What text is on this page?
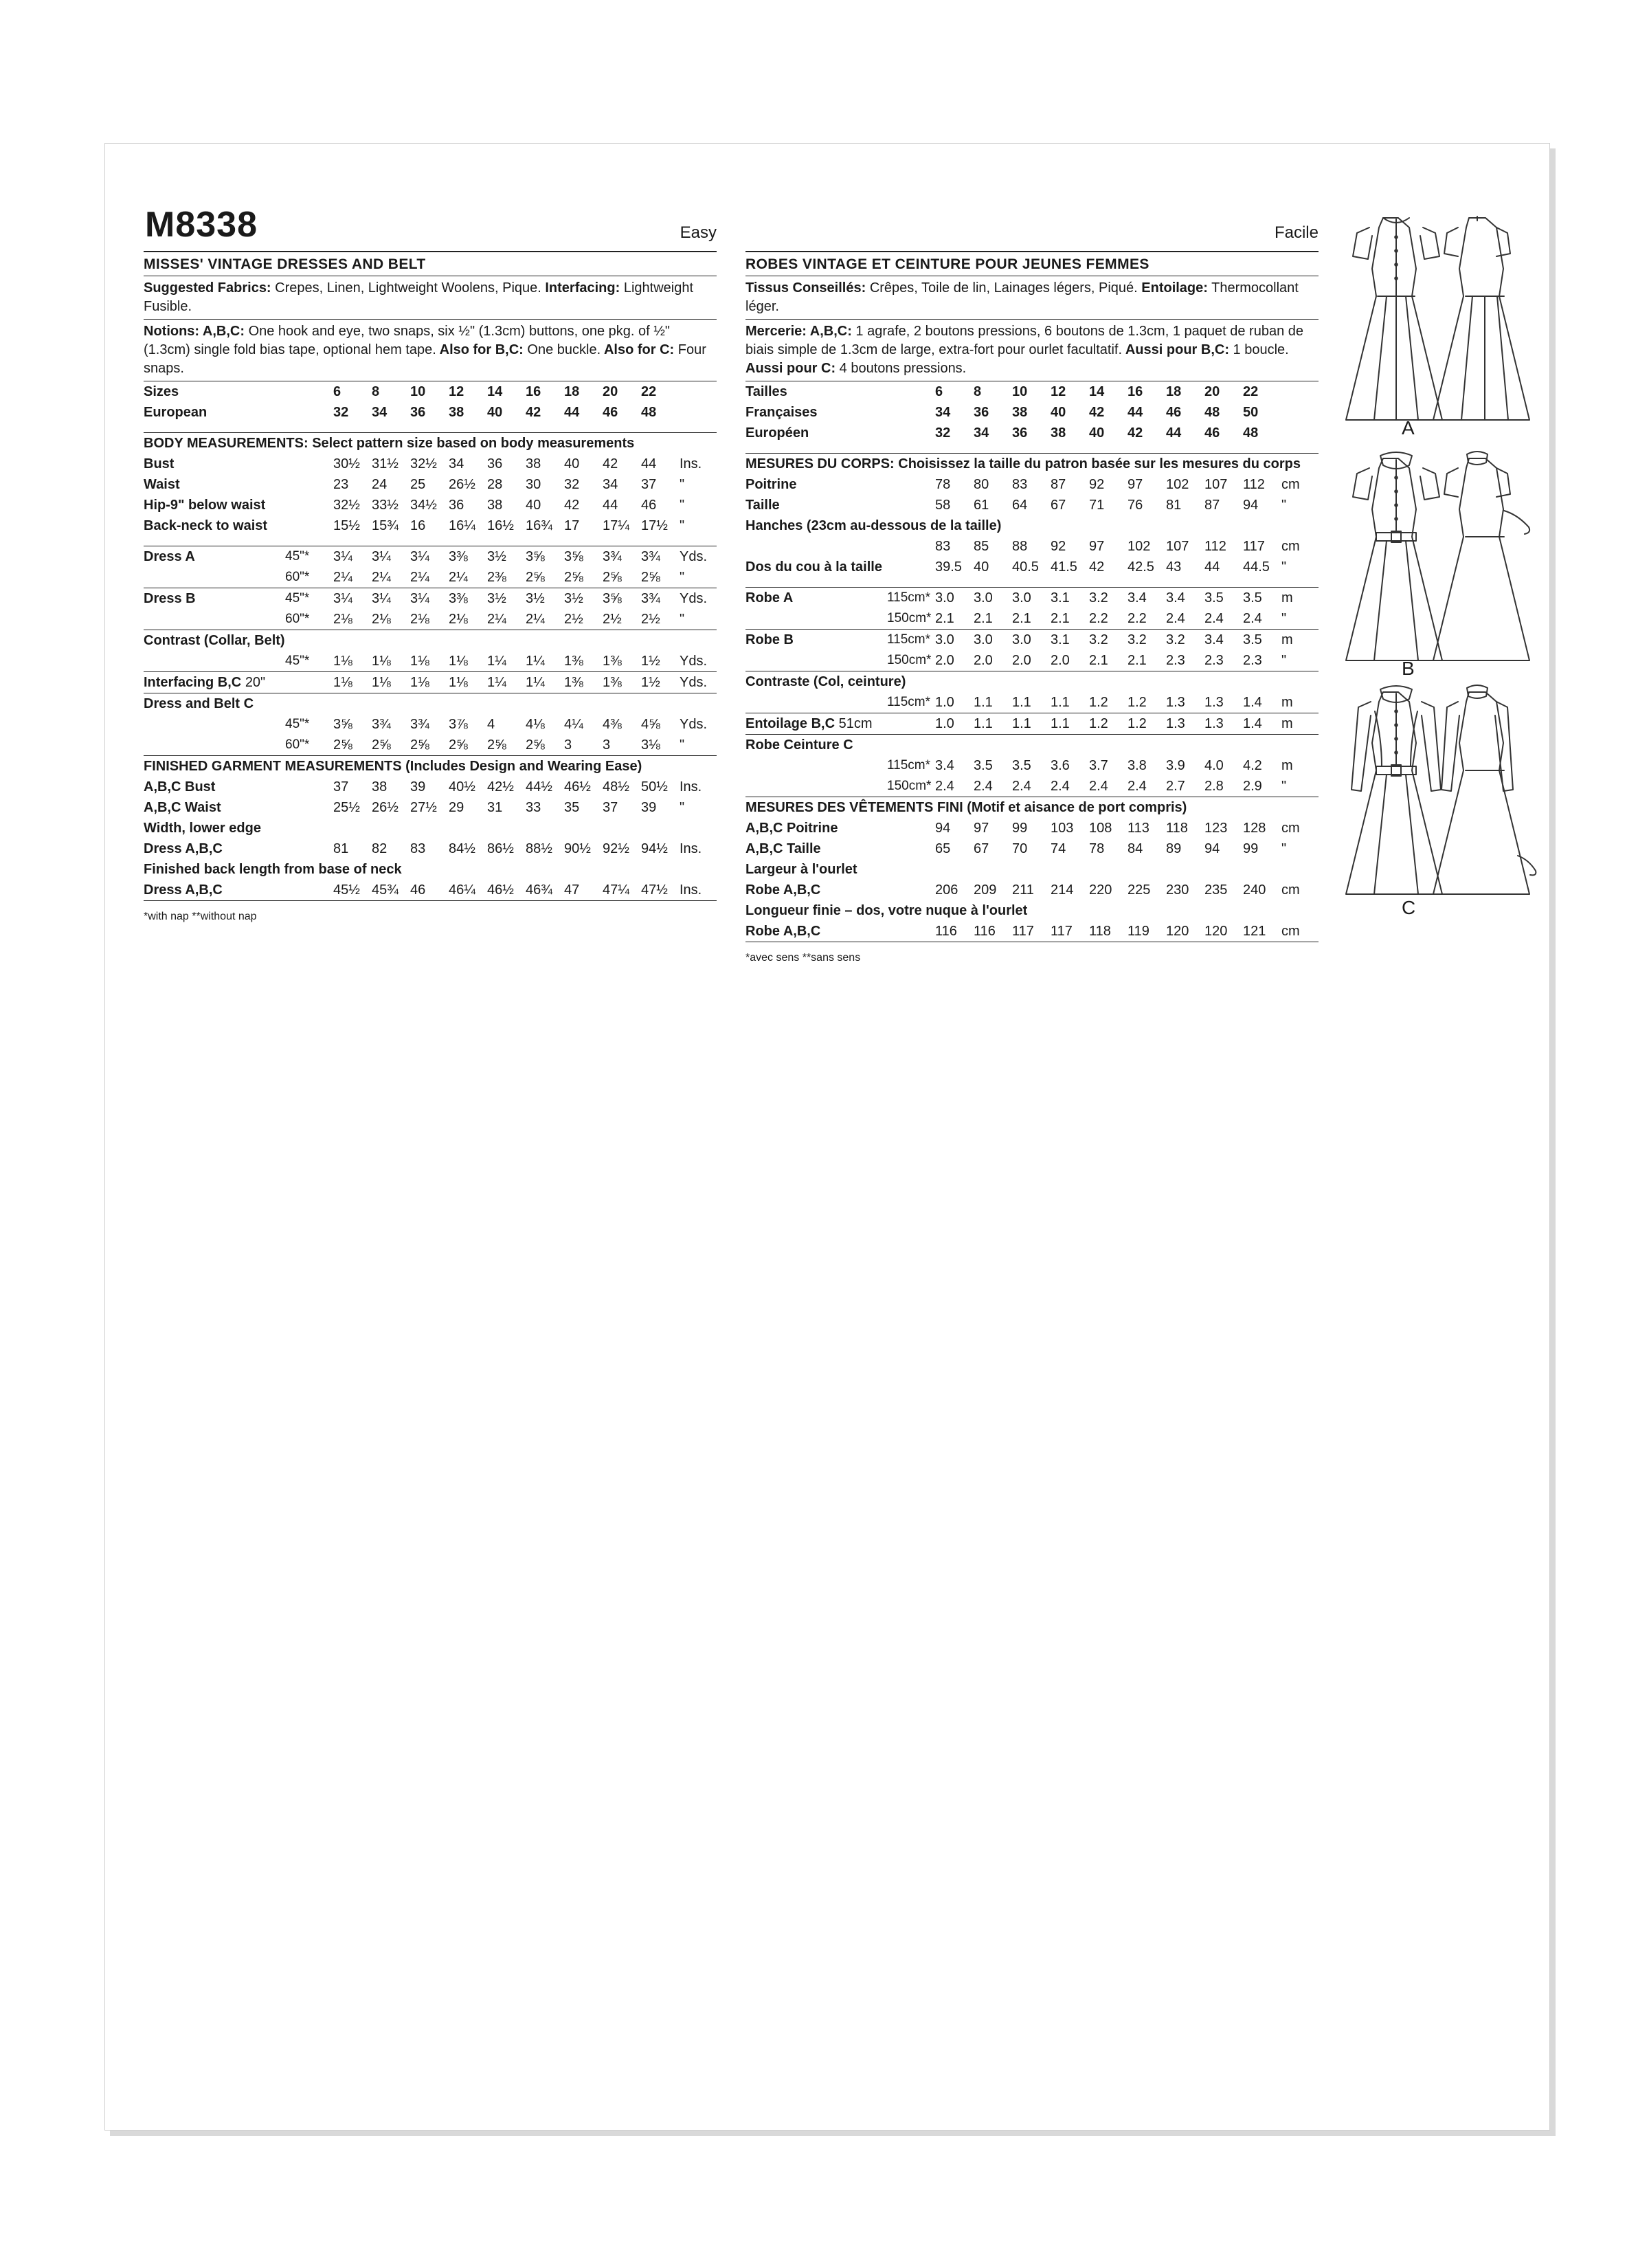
M8338	Easy
MISSES' VINTAGE DRESSES AND BELT
Suggested Fabrics: Crepes, Linen, Lightweight Woolens, Pique. Interfacing: Lightweight Fusible.
Notions: A,B,C: One hook and eye, two snaps, six ½" (1.3cm) buttons, one pkg. of ½" (1.3cm) single fold bias tape, optional hem tape. Also for B,C: One buckle. Also for C: Four snaps.
Sizes		6	8	10	12	14	16	18	20	22	
European		32	34	36	38	40	42	44	46	48	

BODY MEASUREMENTS: Select pattern size based on body measurements											
Bust		30½	31½	32½	34	36	38	40	42	44	Ins.
Waist		23	24	25	26½	28	30	32	34	37	"
Hip-9" below waist		32½	33½	34½	36	38	40	42	44	46	"
Back-neck to waist		15½	15¾	16	16¼	16½	16¾	17	17¼	17½	"

Dress A	45"*	3¼	3¼	3¼	3⅜	3½	3⅝	3⅝	3¾	3¾	Yds.
	60"*	2¼	2¼	2¼	2¼	2⅜	2⅝	2⅝	2⅝	2⅝	"
Dress B	45"*	3¼	3¼	3¼	3⅜	3½	3½	3½	3⅝	3¾	Yds.
	60"*	2⅛	2⅛	2⅛	2⅛	2¼	2¼	2½	2½	2½	"
Contrast (Collar, Belt)											
	45"*	1⅛	1⅛	1⅛	1⅛	1¼	1¼	1⅜	1⅜	1½	Yds.
Interfacing B,C 20"		1⅛	1⅛	1⅛	1⅛	1¼	1¼	1⅜	1⅜	1½	Yds.
Dress and Belt C											
	45"*	3⅝	3¾	3¾	3⅞	4	4⅛	4¼	4⅜	4⅝	Yds.
	60"*	2⅝	2⅝	2⅝	2⅝	2⅝	2⅝	3	3	3⅛	"
FINISHED GARMENT MEASUREMENTS (Includes Design and Wearing Ease)											
A,B,C Bust		37	38	39	40½	42½	44½	46½	48½	50½	Ins.
A,B,C Waist		25½	26½	27½	29	31	33	35	37	39	"
Width, lower edge											
Dress A,B,C		81	82	83	84½	86½	88½	90½	92½	94½	Ins.
Finished back length from base of neck											
Dress A,B,C		45½	45¾	46	46¼	46½	46¾	47	47¼	47½	Ins.
*with nap **without nap
Facile
ROBES VINTAGE ET CEINTURE POUR JEUNES FEMMES
Tissus Conseillés: Crêpes, Toile de lin, Lainages légers, Piqué. Entoilage: Thermocollant léger.
Mercerie: A,B,C: 1 agrafe, 2 boutons pressions, 6 boutons de 1.3cm, 1 paquet de ruban de biais simple de 1.3cm de large, extra-fort pour ourlet facultatif. Aussi pour B,C: 1 boucle. Aussi pour C: 4 boutons pressions.
Tailles		6	8	10	12	14	16	18	20	22	
Françaises		34	36	38	40	42	44	46	48	50	
Européen		32	34	36	38	40	42	44	46	48	

MESURES DU CORPS: Choisissez la taille du patron basée sur les mesures du corps											
Poitrine		78	80	83	87	92	97	102	107	112	cm
Taille		58	61	64	67	71	76	81	87	94	"
Hanches (23cm au-dessous de la taille)											
		83	85	88	92	97	102	107	112	117	cm
Dos du cou à la taille		39.5	40	40.5	41.5	42	42.5	43	44	44.5	"

Robe A	115cm*	3.0	3.0	3.0	3.1	3.2	3.4	3.4	3.5	3.5	m
	150cm*	2.1	2.1	2.1	2.1	2.2	2.2	2.4	2.4	2.4	"
Robe B	115cm*	3.0	3.0	3.0	3.1	3.2	3.2	3.2	3.4	3.5	m
	150cm*	2.0	2.0	2.0	2.0	2.1	2.1	2.3	2.3	2.3	"
Contraste (Col, ceinture)											
	115cm*	1.0	1.1	1.1	1.1	1.2	1.2	1.3	1.3	1.4	m
Entoilage B,C 51cm		1.0	1.1	1.1	1.1	1.2	1.2	1.3	1.3	1.4	m
Robe Ceinture C											
	115cm*	3.4	3.5	3.5	3.6	3.7	3.8	3.9	4.0	4.2	m
	150cm*	2.4	2.4	2.4	2.4	2.4	2.4	2.7	2.8	2.9	"
MESURES DES VÊTEMENTS FINI (Motif et aisance de port compris)											
A,B,C Poitrine		94	97	99	103	108	113	118	123	128	cm
A,B,C Taille		65	67	70	74	78	84	89	94	99	"
Largeur à l'ourlet											
Robe A,B,C		206	209	211	214	220	225	230	235	240	cm
Longueur finie – dos, votre nuque à l'ourlet											
Robe A,B,C		116	116	117	117	118	119	120	120	121	cm
*avec sens **sans sens
A
B
C
